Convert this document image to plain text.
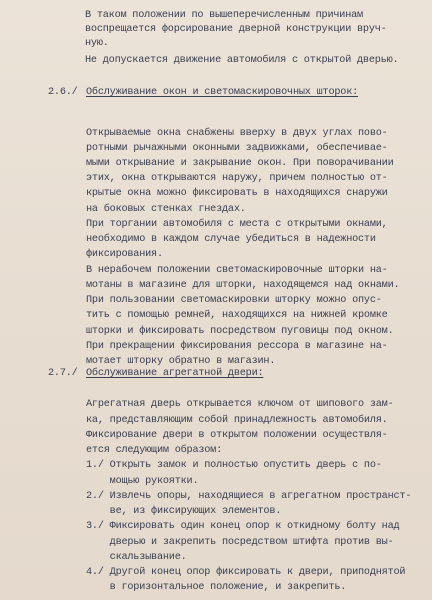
В таком положении по вышеперечисленным причинам
воспрещается форсирование дверной конструкции вруч-
ную.
Не допускается движение автомобиля с открытой дверью.
2.6./ Обслуживание окон и светомаскировочных шторок:
Открываемые окна снабжены вверху в двух углах пово-
ротными рычажными оконными задвижками, обеспечивае-
мыми открывание и закрывание окон. При поворачивании
этих, окна открываются наружу, причем полностью от-
крытые окна можно фиксировать в находящихся снаружи
на боковых стенках гнездах.
При торгании автомобиля с места с открытыми окнами,
необходимо в каждом случае убедиться в надежности
фиксирования.
В нерабочем положении светомаскировочные шторки на-
мотаны в магазине для шторки, находящемся над окнами.
При пользовании светомаскировки шторку можно опус-
тить с помощью ремней, находящихся на нижней кромке
шторки и фиксировать посредством пуговицы под окном.
При прекращении фиксирования рессора в магазине на-
мотает шторку обратно в магазин.
2.7./ Обслуживание агрегатной двери:
Агрегатная дверь открывается ключом от шипового зам-
ка, представляющим собой принадлежность автомобиля.
Фиксирование двери в открытом положении осуществля-
ется следующим образом:
1./ Открыть замок и полностью опустить дверь с по-
мощью рукоятки.
2./ Извлечь опоры, находящиеся в агрегатном пространст-
ве, из фиксирующих элементов.
3./ Фиксировать один конец опор к откидному болту над
дверью и закрепить посредством штифта против вы-
скальзывание.
4./ Другой конец опор фиксировать к двери, приподнятой
в горизонтальное положение, и закрепить.
